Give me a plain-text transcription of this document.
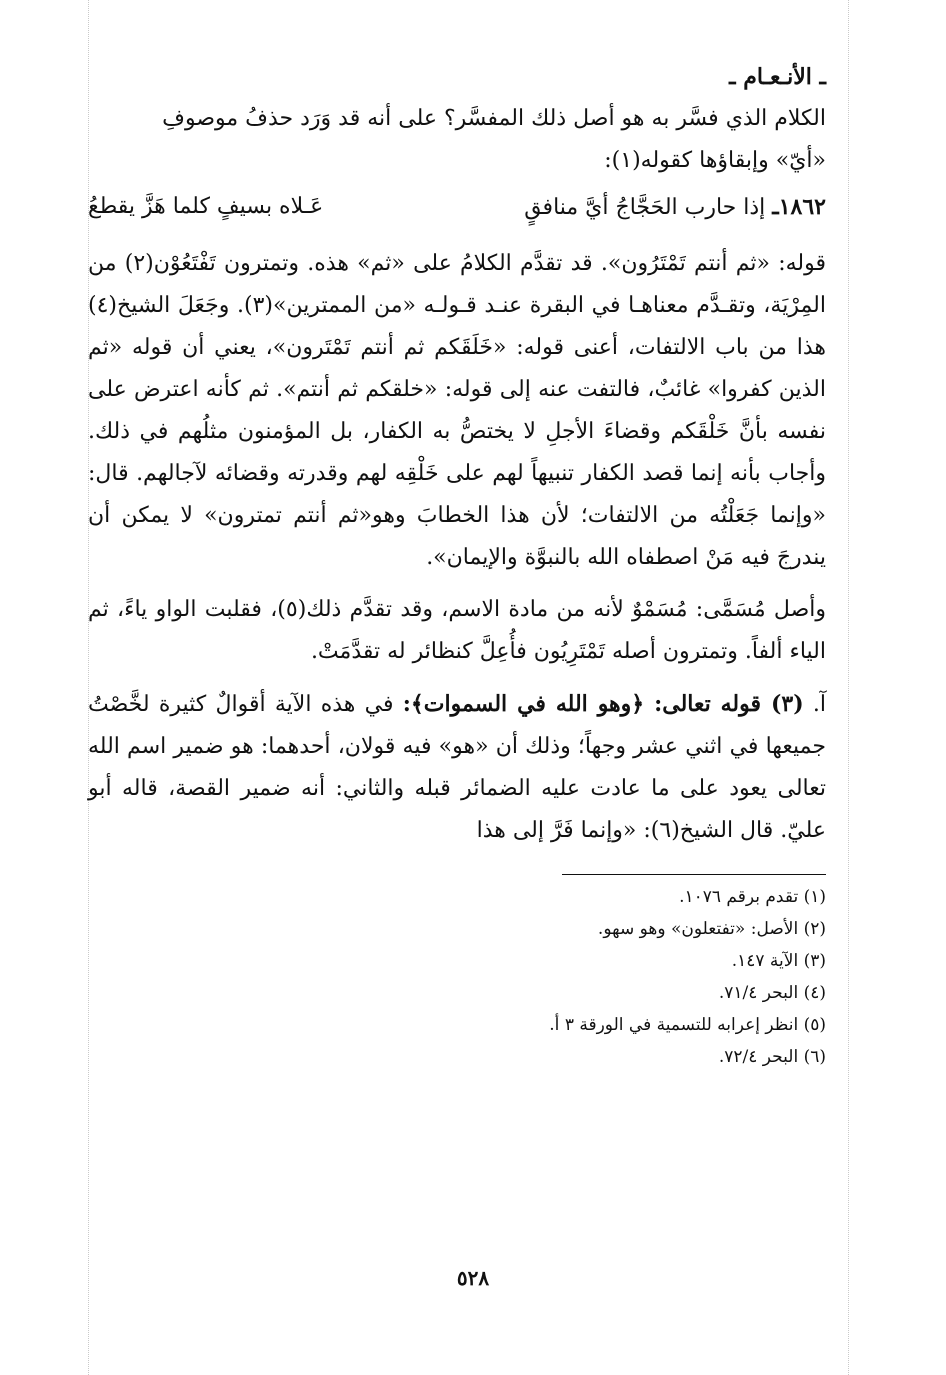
ـ الأنـعـام ـ

الكلام الذي فسَّر به هو أصل ذلك المفسَّر؟ على أنه قد وَرَد حذفُ موصوفِ

«أيّ» وإبقاؤها كقوله(١):

١٨٦٢ـ إذا حارب الحَجَّاجُ أيَّ منافقٍ
عَـلاه بسيفٍ كلما هَزَّ يقطعُ

قوله: «ثم أنتم تَمْتَرُون». قد تقدَّم الكلامُ على «ثم» هذه. وتمترون تَفْتَعُوْن(٢) من المِرْيَة، وتقـدَّم معناهـا في البقرة عنـد قـولـه «من الممترين»(٣). وجَعَلَ الشيخ(٤) هذا من باب الالتفات، أعنى قوله: «خَلَقَكم ثم أنتم تَمْتَرون»، يعني أن قوله «ثم الذين كفروا» غائبٌ، فالتفت عنه إلى قوله: «خلقكم ثم أنتم». ثم كأنه اعترض على نفسه بأنَّ خَلْقَكم وقضاءَ الأجلِ لا يختصُّ به الكفار، بل المؤمنون مثلُهم في ذلك. وأجاب بأنه إنما قصد الكفار تنبيهاً لهم على خَلْقِه لهم وقدرته وقضائه لآجالهم. قال: «وإنما جَعَلْتُه من الالتفات؛ لأن هذا الخطابَ وهو«ثم أنتم تمترون» لا يمكن أن يندرجَ فيه مَنْ اصطفاه الله بالنبوَّة والإيمان».

وأصل مُسَمَّى: مُسَمْوٌ لأنه من مادة الاسم، وقد تقدَّم ذلك(٥)، فقلبت الواو ياءً، ثم الياء ألفاً. وتمترون أصله تَمْتَرِيُون فأُعِلَّ كنظائر له تقدَّمَتْ.

آ. (٣) قوله تعالى: ﴿وهو الله في السموات﴾: في هذه الآية أقوالٌ كثيرة لخَّصْتُ جميعها في اثني عشر وجهاً؛ وذلك أن «هو» فيه قولان، أحدهما: هو ضمير اسم الله تعالى يعود على ما عادت عليه الضمائر قبله والثاني: أنه ضمير القصة، قاله أبو عليّ. قال الشيخ(٦): «وإنما فَرَّ إلى هذا

(١) تقدم برقم ١٠٧٦.
(٢) الأصل: «تفتعلون» وهو سهو.
(٣) الآية ١٤٧.
(٤) البحر ٧١/٤.
(٥) انظر إعرابه للتسمية في الورقة ٣ أ.
(٦) البحر ٧٢/٤.
٥٢٨
